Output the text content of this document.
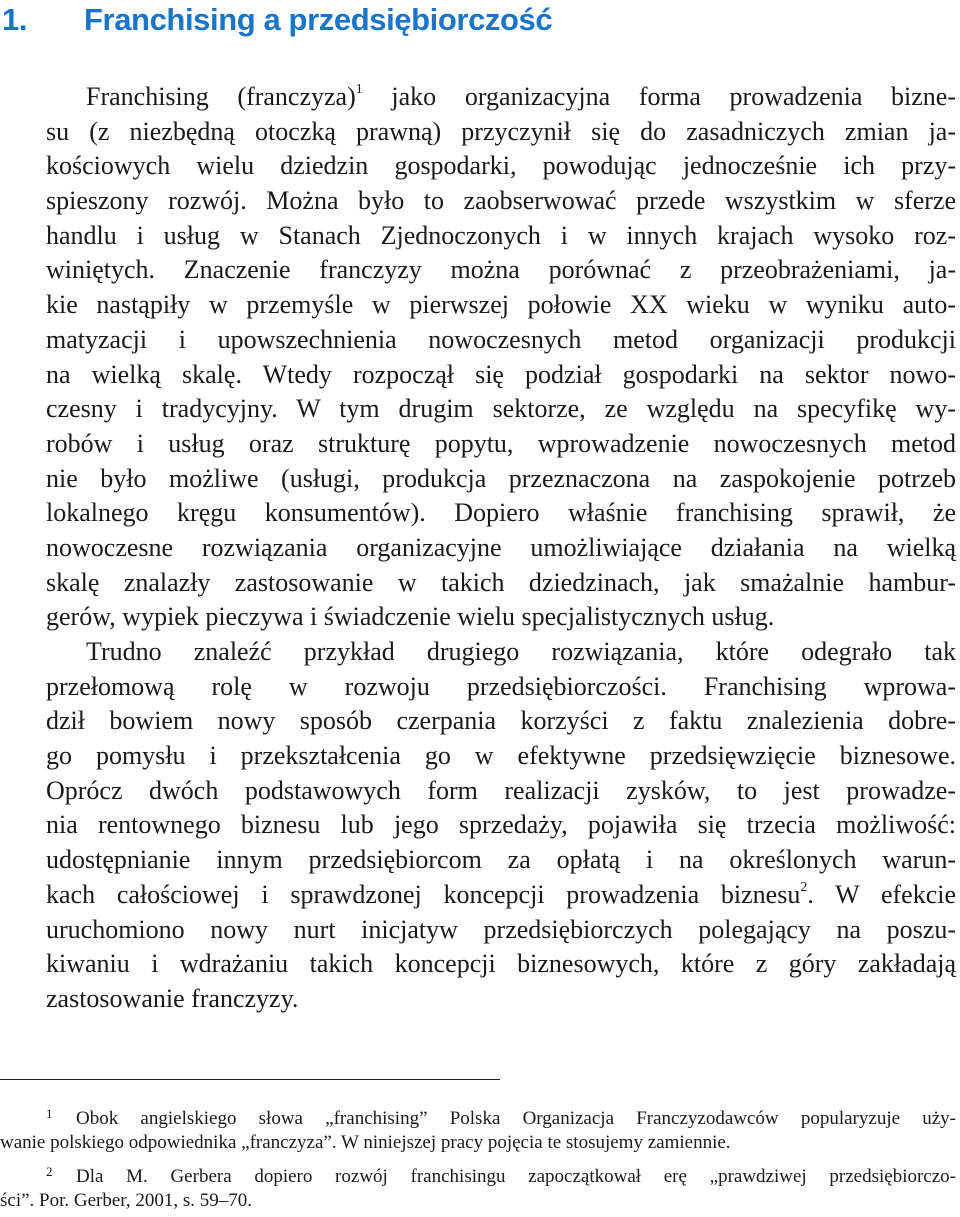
1. Franchising a przedsiębiorczość
Franchising (franczyza)$^1$ jako organizacyjna forma prowadzenia bizne-
su (z niezbędną otoczką prawną) przyczynił się do zasadniczych zmian ja-
kościowych wielu dziedzin gospodarki, powodując jednocześnie ich przy-
spieszony rozwój. Można było to zaobserwować przede wszystkim w sferze
handlu i usług w Stanach Zjednoczonych i w innych krajach wysoko roz-
winiętych. Znaczenie franczyzy można porównać z przeobrażeniami, ja-
kie nastąpiły w przemyśle w pierwszej połowie XX wieku w wyniku auto-
matyzacji i upowszechnienia nowoczesnych metod organizacji produkcji
na wielką skalę. Wtedy rozpoczął się podział gospodarki na sektor nowo-
czesny i tradycyjny. W tym drugim sektorze, ze względu na specyfikę wy-
robów i usług oraz strukturę popytu, wprowadzenie nowoczesnych metod
nie było możliwe (usługi, produkcja przeznaczona na zaspokojenie potrzeb
lokalnego kręgu konsumentów). Dopiero właśnie franchising sprawił, że
nowoczesne rozwiązania organizacyjne umożliwiające działania na wielką
skalę znalazły zastosowanie w takich dziedzinach, jak smażalnie hambur-
gerów, wypiek pieczywa i świadczenie wielu specjalistycznych usług.
Trudno znaleźć przykład drugiego rozwiązania, które odegrało tak
przełomową rolę w rozwoju przedsiębiorczości. Franchising wprowa-
dził bowiem nowy sposób czerpania korzyści z faktu znalezienia dobre-
go pomysłu i przekształcenia go w efektywne przedsięwzięcie biznesowe.
Oprócz dwóch podstawowych form realizacji zysków, to jest prowadze-
nia rentownego biznesu lub jego sprzedaży, pojawiła się trzecia możliwość:
udostępnianie innym przedsiębiorcom za opłatą i na określonych warun-
kach całościowej i sprawdzonej koncepcji prowadzenia biznesu$^2$. W efekcie
uruchomiono nowy nurt inicjatyw przedsiębiorczych polegający na poszu-
kiwaniu i wdrażaniu takich koncepcji biznesowych, które z góry zakładają
zastosowanie franczyzy.
1 Obok angielskiego słowa „franchising” Polska Organizacja Franczyzodawców popularyzuje uży-
wanie polskiego odpowiednika „franczyza”. W niniejszej pracy pojęcia te stosujemy zamiennie.
2 Dla M. Gerbera dopiero rozwój franchisingu zapoczątkował erę „prawdziwej przedsiębiorczo-
ści”. Por. Gerber, 2001, s. 59–70.
